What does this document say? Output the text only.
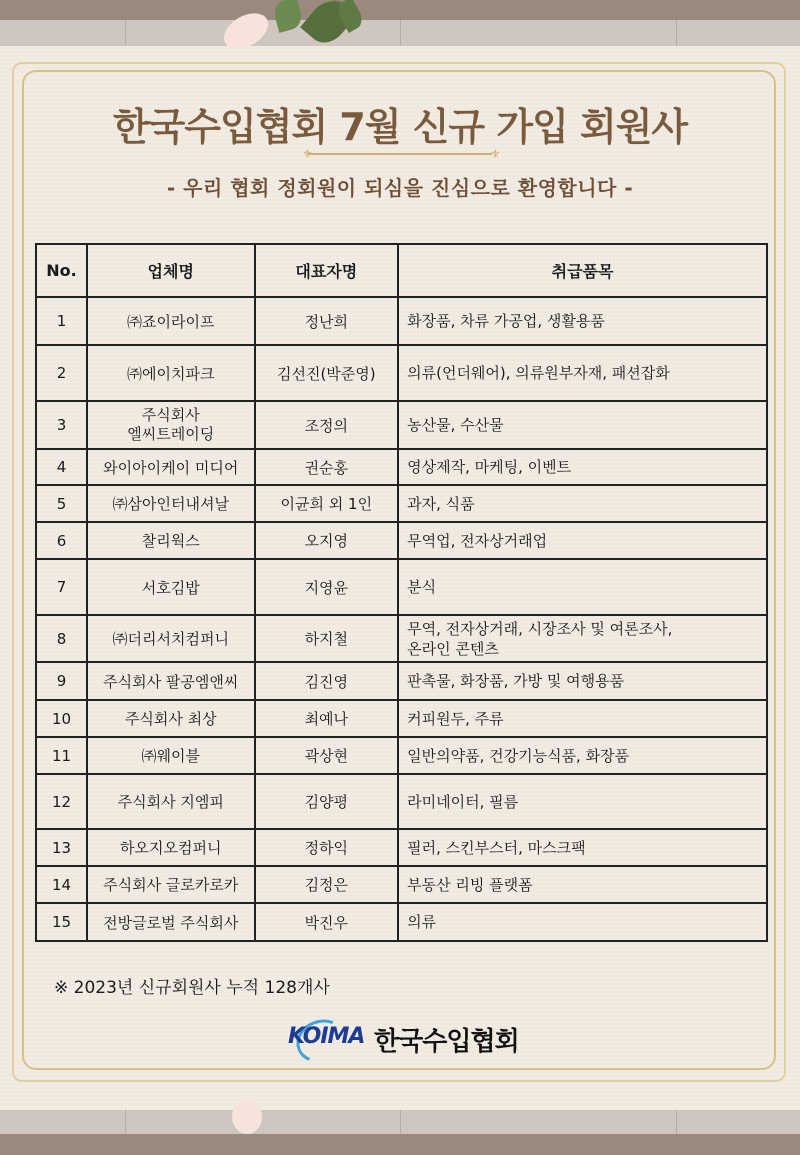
한국수입협회 7월 신규 가입 회원사
⚜	⚜
- 우리 협회 정회원이 되심을 진심으로 환영합니다 -
No.	업체명	대표자명	취급품목
1	㈜죠이라이프	정난희	화장품, 차류 가공업, 생활용품
2	㈜에이치파크	김선진(박준영)	의류(언더웨어), 의류원부자재, 패션잡화
3	주식회사
엘씨트레이딩	조정의	농산물, 수산물
4	와이아이케이 미디어	권순홍	영상제작, 마케팅, 이벤트
5	㈜삼아인터내셔날	이균희 외 1인	과자, 식품
6	찰리웍스	오지영	무역업, 전자상거래업
7	서호김밥	지영윤	분식
8	㈜더리서치컴퍼니	하지철	무역, 전자상거래, 시장조사 및 여론조사,
온라인 콘텐츠

9	주식회사 팔공엠앤씨	김진영	판촉물, 화장품, 가방 및 여행용품
10	주식회사 최상	최예나	커피원두, 주류
11	㈜웨이블	곽상현	일반의약품, 건강기능식품, 화장품
12	주식회사 지엠피	김양평	라미네이터, 필름
13	하오지오컴퍼니	정하익	필러, 스킨부스터, 마스크팩
14	주식회사 글로카로카	김정은	부동산 리빙 플랫폼
15	전방글로벌 주식회사	박진우	의류
※ 2023년 신규회원사 누적 128개사
KOIMA 한국수입협회
